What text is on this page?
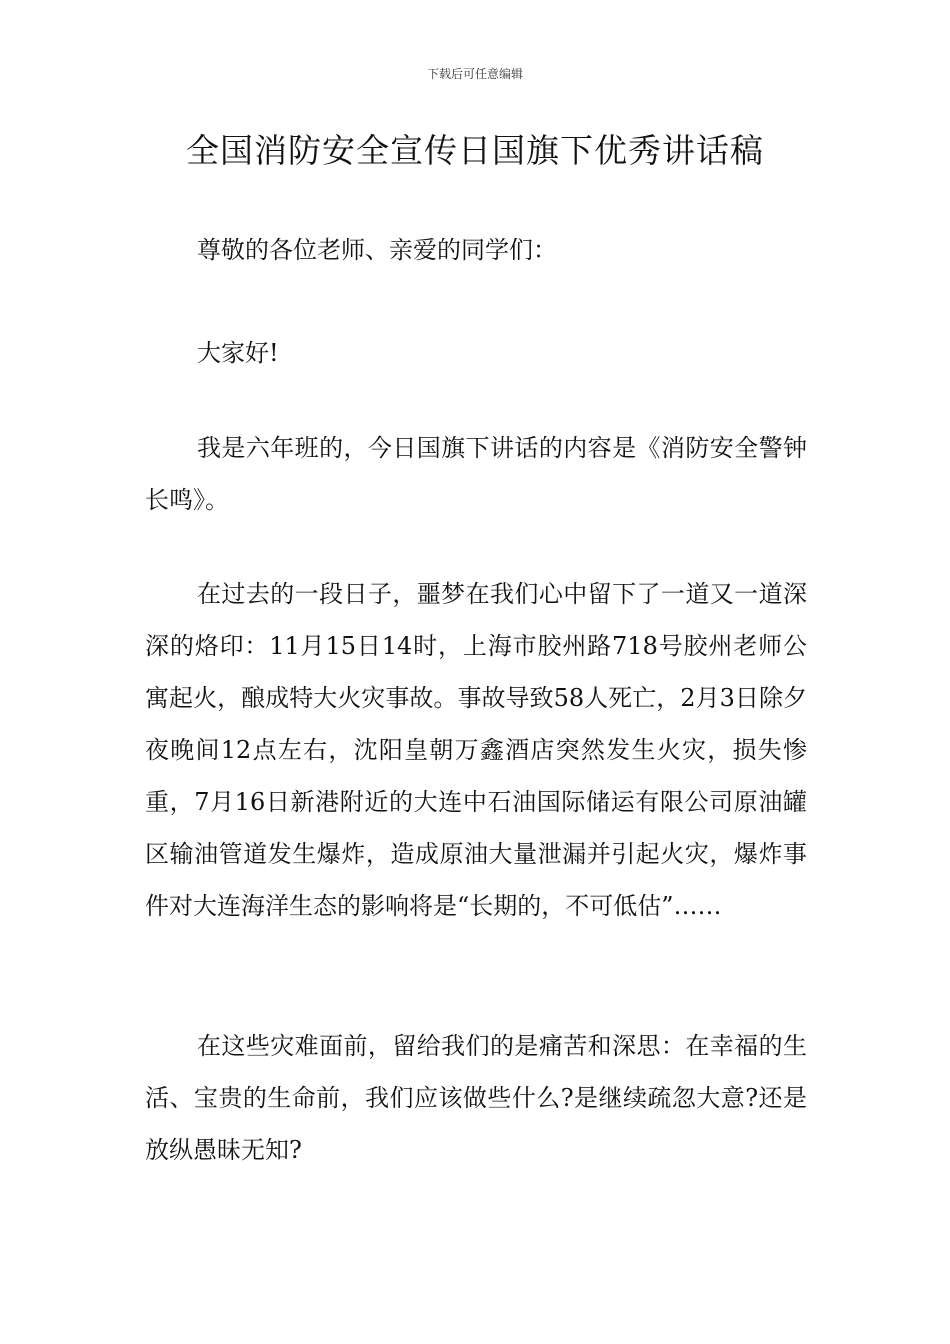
下载后可任意编辑
全国消防安全宣传日国旗下优秀讲话稿

尊敬的各位老师、亲爱的同学们：

大家好!

我是六年班的，今日国旗下讲话的内容是《消防安全警钟长鸣》。

在过去的一段日子，噩梦在我们心中留下了一道又一道深深的烙印：11月15日14时，上海市胶州路718号胶州老师公寓起火，酿成特大火灾事故。事故导致58人死亡，2月3日除夕夜晚间12点左右，沈阳皇朝万鑫酒店突然发生火灾，损失惨重，7月16日新港附近的大连中石油国际储运有限公司原油罐区输油管道发生爆炸，造成原油大量泄漏并引起火灾，爆炸事件对大连海洋生态的影响将是“长期的，不可低估”……

在这些灾难面前，留给我们的是痛苦和深思：在幸福的生活、宝贵的生命前，我们应该做些什么?是继续疏忽大意?还是放纵愚昧无知?
